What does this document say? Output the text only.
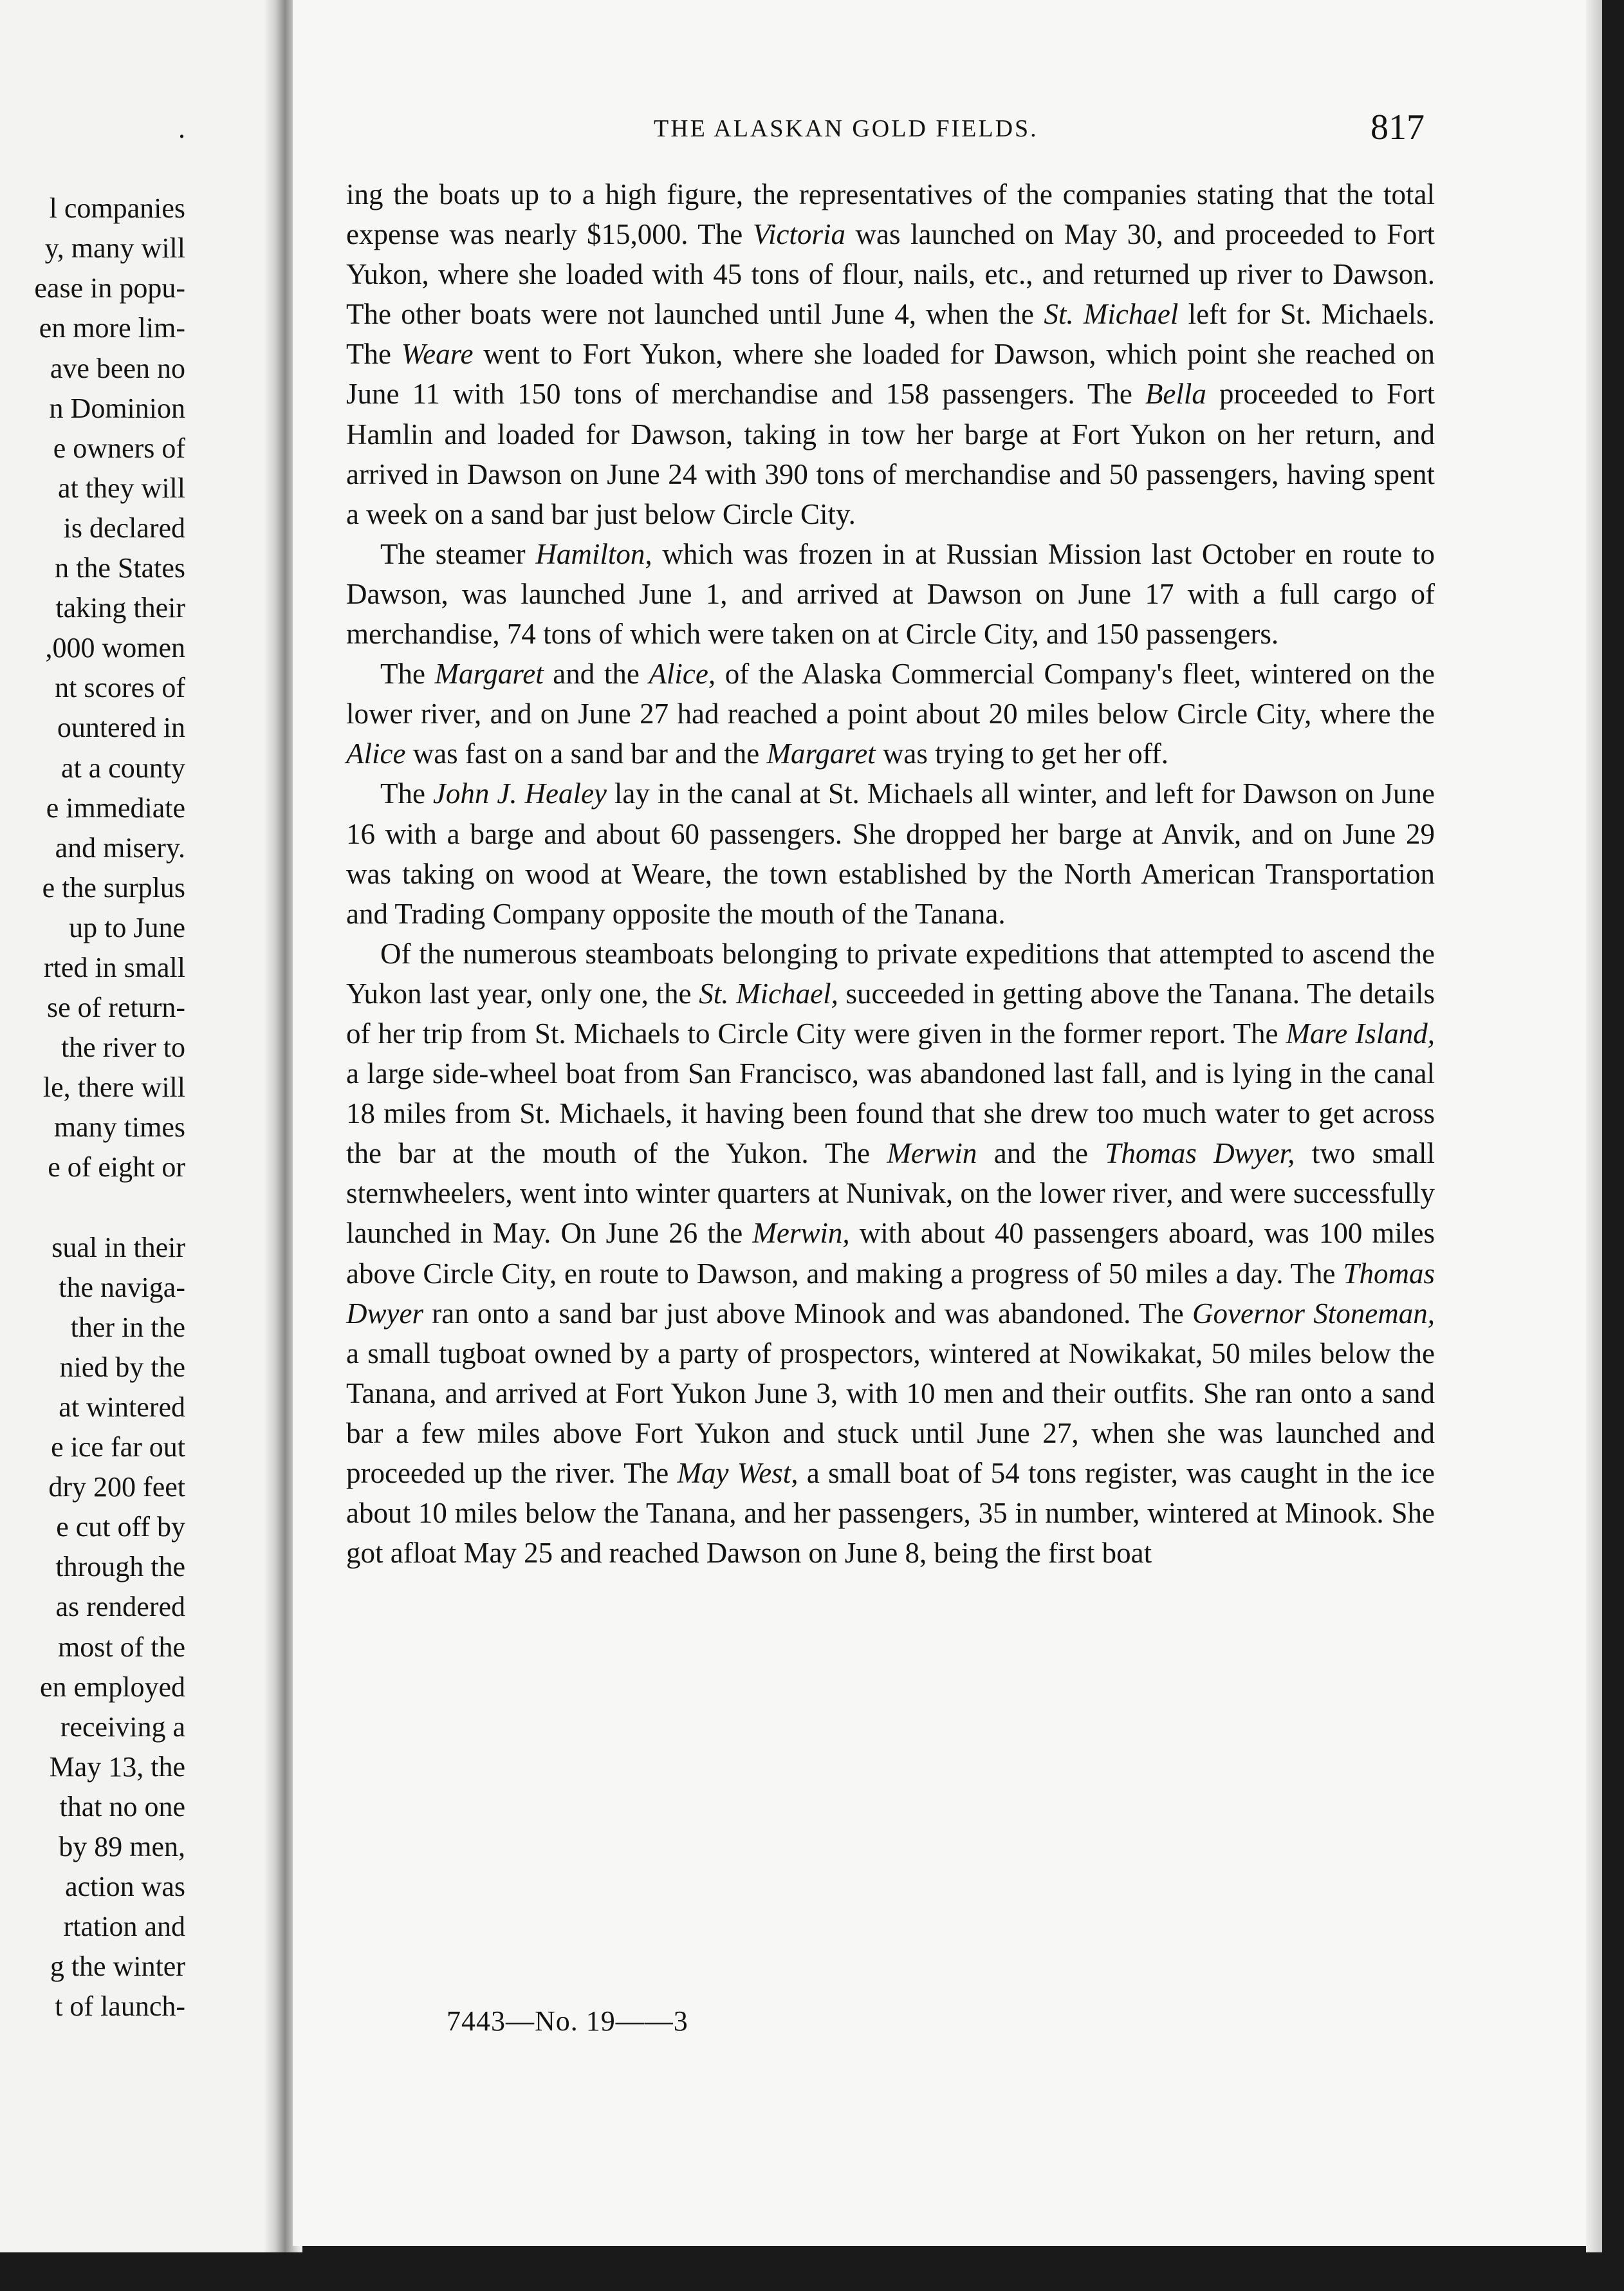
.
l companies
y, many will
ease in popu-
en more lim-
ave been no
n Dominion
e owners of
at they will
is declared
n the States
taking their
,000 women
nt scores of
ountered in
at a county
e immediate
and misery.
e the surplus
up to June
rted in small
se of return-
the river to
le, there will
many times
e of eight or
sual in their
the naviga-
ther in the
nied by the
at wintered
e ice far out
dry 200 feet
e cut off by
through the
as rendered
most of the
en employed
receiving a
May 13, the
that no one
by 89 men,
action was
rtation and
g the winter
t of launch-
THE ALASKAN GOLD FIELDS.	817

ing the boats up to a high figure, the representatives of the companies stating that the total expense was nearly $15,000. The Victoria was launched on May 30, and proceeded to Fort Yukon, where she loaded with 45 tons of flour, nails, etc., and returned up river to Dawson. The other boats were not launched until June 4, when the St. Michael left for St. Michaels. The Weare went to Fort Yukon, where she loaded for Dawson, which point she reached on June 11 with 150 tons of merchandise and 158 passengers. The Bella proceeded to Fort Hamlin and loaded for Dawson, taking in tow her barge at Fort Yukon on her return, and arrived in Dawson on June 24 with 390 tons of merchandise and 50 passengers, having spent a week on a sand bar just below Circle City.

The steamer Hamilton, which was frozen in at Russian Mission last October en route to Dawson, was launched June 1, and arrived at Dawson on June 17 with a full cargo of merchandise, 74 tons of which were taken on at Circle City, and 150 passengers.

The Margaret and the Alice, of the Alaska Commercial Company's fleet, wintered on the lower river, and on June 27 had reached a point about 20 miles below Circle City, where the Alice was fast on a sand bar and the Margaret was trying to get her off.

The John J. Healey lay in the canal at St. Michaels all winter, and left for Dawson on June 16 with a barge and about 60 passengers. She dropped her barge at Anvik, and on June 29 was taking on wood at Weare, the town established by the North American Transportation and Trading Company opposite the mouth of the Tanana.

Of the numerous steamboats belonging to private expeditions that attempted to ascend the Yukon last year, only one, the St. Michael, succeeded in getting above the Tanana. The details of her trip from St. Michaels to Circle City were given in the former report. The Mare Island, a large side-wheel boat from San Francisco, was abandoned last fall, and is lying in the canal 18 miles from St. Michaels, it having been found that she drew too much water to get across the bar at the mouth of the Yukon. The Merwin and the Thomas Dwyer, two small sternwheelers, went into winter quarters at Nunivak, on the lower river, and were successfully launched in May. On June 26 the Merwin, with about 40 passengers aboard, was 100 miles above Circle City, en route to Dawson, and making a progress of 50 miles a day. The Thomas Dwyer ran onto a sand bar just above Minook and was abandoned. The Governor Stoneman, a small tugboat owned by a party of prospectors, wintered at Nowikakat, 50 miles below the Tanana, and arrived at Fort Yukon June 3, with 10 men and their outfits. She ran onto a sand bar a few miles above Fort Yukon and stuck until June 27, when she was launched and proceeded up the river. The May West, a small boat of 54 tons register, was caught in the ice about 10 miles below the Tanana, and her passengers, 35 in number, wintered at Minook. She got afloat May 25 and reached Dawson on June 8, being the first boat

7443—No. 19——3
